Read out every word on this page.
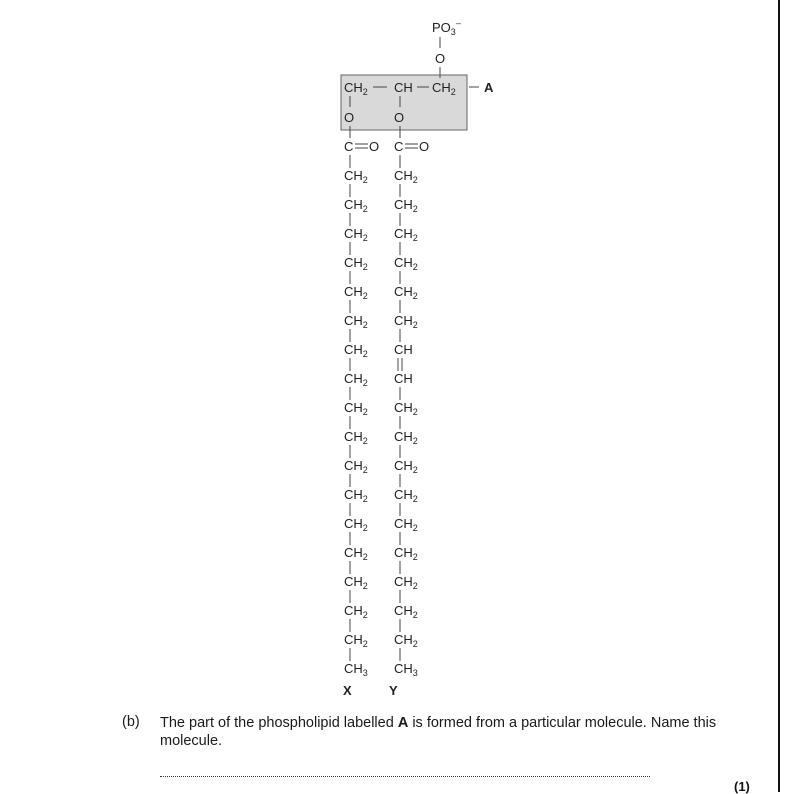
$PO_3^-$
O
$CH_2$ CH $CH_2$ A
O	O
C O C O
$CH_2$ $CH_2$
$CH_2$ $CH_2$
$CH_2$ $CH_2$
$CH_2$ $CH_2$
$CH_2$ $CH_2$
$CH_2$ $CH_2$
$CH_2$ CH
$CH_2$ CH
$CH_2$ $CH_2$
$CH_2$ $CH_2$
$CH_2$ $CH_2$
$CH_2$ $CH_2$
$CH_2$ $CH_2$
$CH_2$ $CH_2$
$CH_2$ $CH_2$
$CH_2$ $CH_2$
$CH_2$ $CH_2$
$CH_3$ $CH_3$
X	Y
(b) The part of the phospholipid labelled A is formed from a particular molecule. Name this molecule.
(1)
